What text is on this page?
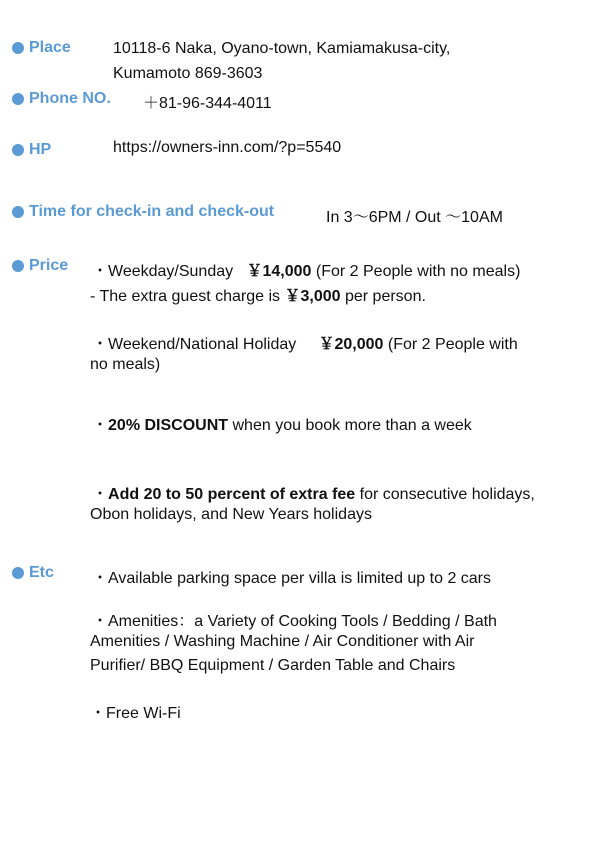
Place	10118-6 Naka, Oyano-town, Kamiamakusa-city,
Kumamoto 869-3603
Phone NO. ＋81-96-344-4011
HP	https://owners-inn.com/?p=5540
Time for check-in and check-out	In 3〜6PM / Out 〜10AM
Price ・Weekday/Sunday ￥14,000 (For 2 People with no meals)
- The extra guest charge is ￥3,000 per person.
・Weekend/National Holiday ￥20,000 (For 2 People with
no meals)
・20% DISCOUNT when you book more than a week
・Add 20 to 50 percent of extra fee for consecutive holidays,
Obon holidays, and New Years holidays
Etc ・Available parking space per villa is limited up to 2 cars
・Amenities：a Variety of Cooking Tools / Bedding / Bath
Amenities / Washing Machine / Air Conditioner with Air
Purifier/ BBQ Equipment / Garden Table and Chairs
・Free Wi-Fi
